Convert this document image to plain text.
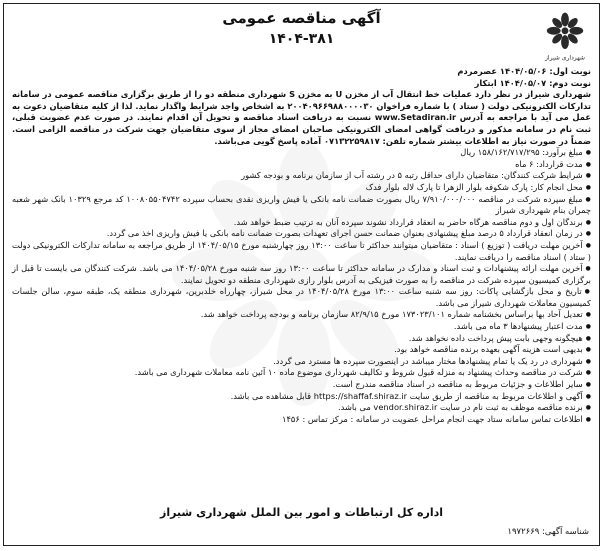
شهرداری شیراز

آگهی مناقصه عمومی

۱۴۰۴-۳۸۱

نوبت اول: ۱۴۰۴/۰۵/۰۶ عصرمردم

نوبت دوم: ۱۴۰۴/۰۵/۰۷ ابتکار

شهرداری شیراز در نظر دارد عملیات خط انتقال آب از مخزن U به مخزن S شهرداری منطقه دو را از طریق برگزاری مناقصه عمومی در سامانه تدارکات الکترونیکی دولت ( ستاد ) با شماره فراخوان ۲۰۰۴۰۹۶۶۹۸۸۰۰۰۰۳۰ به اشخاص واجد شرایط واگذار نماید. لذا از کلیه متقاضیان دعوت به عمل می آید با مراجعه به آدرس www.Setadiran.ir نسبت به دریافت اسناد مناقصه و تحویل آن اقدام نمایند. در صورت عدم عضویت قبلی، ثبت نام در سامانه مذکور و دریافت گواهی امضای الکترونیکی صاحبان امضای مجاز از سوی متقاضیان جهت شرکت در مناقصه الزامی است. ضمناً در صورت نیاز به اطلاعات بیشتر شماره تلفن: ۰۷۱۳۲۲۵۹۸۱۷ آماده پاسخ گویی می‌باشد.

● مبلغ برآورد: ۱۵۸/۱۶۲/۷۱۷/۲۹۵ ریال

● مدت قرارداد: ۶ ماه

● شرایط شرکت کنندگان: متقاضیان دارای حداقل رتبه ۵ در رشته آب از سازمان برنامه و بودجه کشور

● محل انجام کار: پارک شکوفه بلوار الزهرا تا پارک لاله بلوار فدک

● مبلغ سپرده شرکت در مناقصه ۷/۹۱۰/۰۰۰/۰۰۰ ریال بصورت ضمانت نامه بانکی یا فیش واریزی نقدی بحساب سپرده ۱۰۰۸۰۵۵۰۴۷۴۲ کد مرجع ۱۰۳۲۹ بانک شهر شعبه چمران بنام شهرداری شیراز

● برندگان اول و دوم مناقصه هرگاه حاضر به انعقاد قرارداد نشوند سپرده آنان به ترتیب ضبط خواهد شد.

● در زمان انعقاد قرارداد ۵ درصد مبلغ پیشنهادی بعنوان ضمانت حسن اجرای تعهدات بصورت ضمانت نامه بانکی یا فیش واریزی اخذ می گردد.

● آخرین مهلت دریافت ( توزیع ) اسناد : متقاضیان میتوانند حداکثر تا ساعت ۱۳:۰۰ روز چهارشنبه مورخ ۱۴۰۴/۰۵/۱۵ از طریق مراجعه به سامانه تدارکات الکترونیکی دولت ( ستاد ) اسناد مناقصه را دریافت نمایند.

● آخرین مهلت ارائه پیشنهادات و ثبت اسناد و مدارک در سامانه حداکثر تا ساعت ۱۳:۰۰ روز سه شنبه مورخ ۱۴۰۴/۰۵/۲۸ می باشد. شرکت کنندگان می بایست تا قبل از برگزاری کمیسیون سپرده شرکت در مناقصه را به صورت فیزیکی به آدرس بلوار رازی شهرداری منطقه دو تحویل نمایند.

● تاریخ و محل بازگشایی پاکات: روز سه شنبه ساعت ۱۳:۰۰ مورخ ۱۴۰۴/۰۵/۲۸ در محل شیراز، چهارراه خلدبرین، شهرداری منطقه یک، طبقه سوم، سالن جلسات کمیسیون معاملات شهرداری شیراز می باشد.

● تعدیل آحاد بها براساس بخشنامه شماره ۱۷۳۰۲۳/۱۰۱ مورخ ۸۲/۹/۱۵ سازمان برنامه و بودجه پرداخت خواهد شد.

● مدت اعتبار پیشنهادها ۳ ماه می باشد.

● هیچگونه وجهی بابت پیش پرداخت داده نخواهد شد.

● بدیهی است هزینه آگهی بعهده برنده مناقصه خواهد بود.

● شهرداری در رد یک یا تمام پیشنهادها مختار میباشد در اینصورت سپرده ها مسترد می گردد.

● شرکت در مناقصه وحداث پیشنهاد به منزله قبول شروط و تکالیف شهرداری موضوع ماده ۱۰ آئین نامه معاملات شهرداری می باشد.

● سایر اطلاعات و جزئیات مربوط به مناقصه در اسناد مناقصه مندرج است.

● آگهی و اطلاعات مربوط به مناقصه از طریق سایت https://shaffaf.shiraz.ir قابل مشاهده می باشد.

● برنده مناقصه موظف به ثبت نام در سایت vendor.shiraz.ir می باشد.

● اطلاعات تماس سامانه ستاد جهت انجام مراحل عضویت در سامانه : مرکز تماس : ۱۴۵۶

اداره کل ارتباطات و امور بین الملل شهرداری شیراز
شناسه آگهی: ۱۹۷۲۶۶۹
